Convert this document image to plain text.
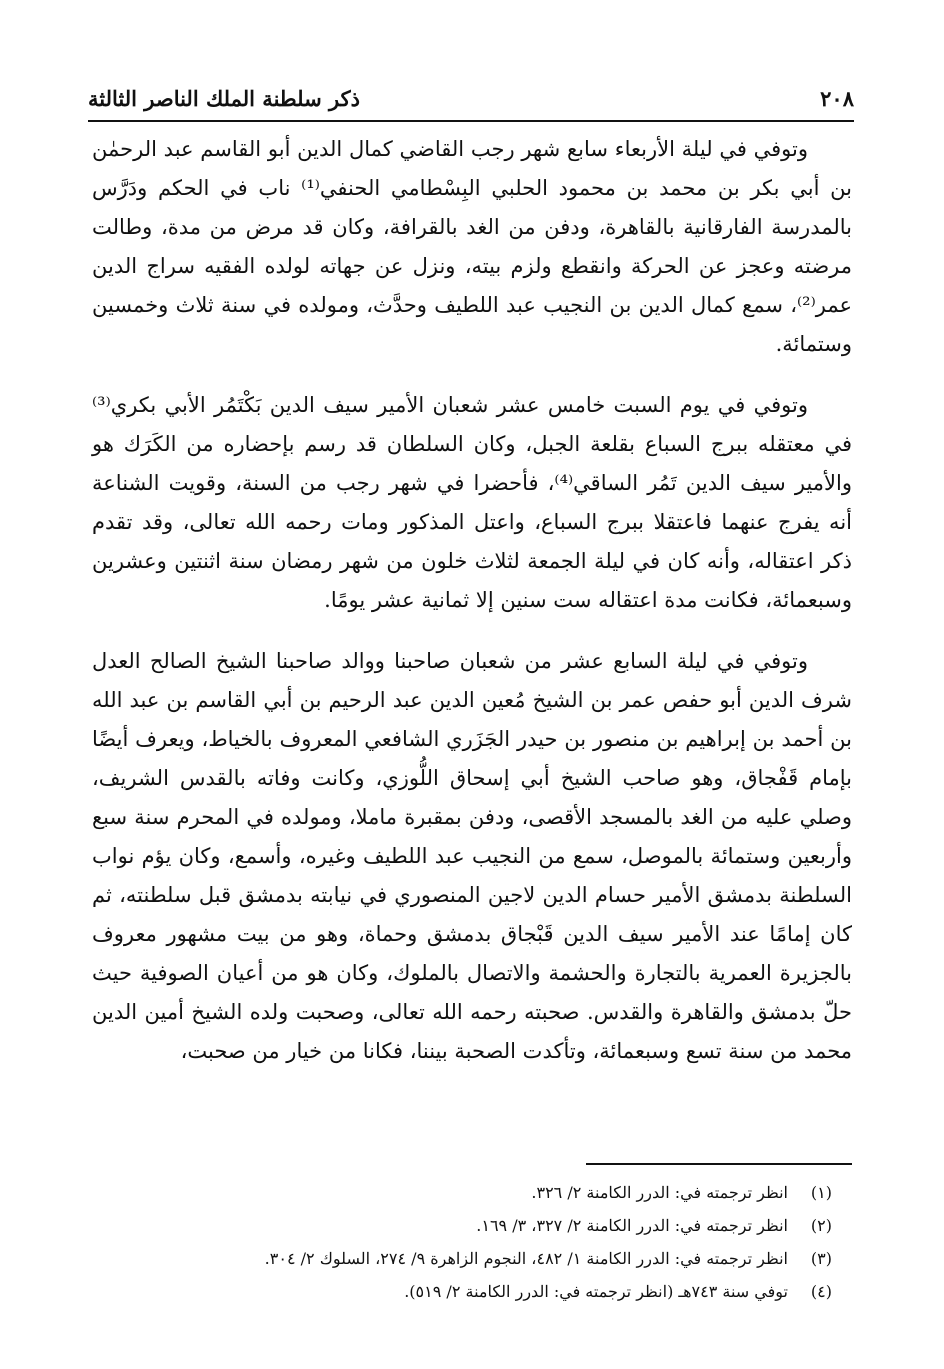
٢٠٨
ذكر سلطنة الملك الناصر الثالثة

وتوفي في ليلة الأربعاء سابع شهر رجب القاضي كمال الدين أبو القاسم عبد الرحمٰن بن أبي بكر بن محمد بن محمود الحلبي البِسْطامي الحنفي⁽¹⁾ ناب في الحكم ودَرَّس بالمدرسة الفارقانية بالقاهرة، ودفن من الغد بالقرافة، وكان قد مرض من مدة، وطالت مرضته وعجز عن الحركة وانقطع ولزم بيته، ونزل عن جهاته لولده الفقيه سراج الدين عمر⁽²⁾، سمع كمال الدين بن النجيب عبد اللطيف وحدَّث، ومولده في سنة ثلاث وخمسين وستمائة.

وتوفي في يوم السبت خامس عشر شعبان الأمير سيف الدين بَكْتَمُر الأبي بكري⁽³⁾ في معتقله ببرج السباع بقلعة الجبل، وكان السلطان قد رسم بإحضاره من الكَرَك هو والأمير سيف الدين تَمُر الساقي⁽⁴⁾، فأحضرا في شهر رجب من السنة، وقويت الشناعة أنه يفرج عنهما فاعتقلا ببرج السباع، واعتل المذكور ومات رحمه الله تعالى، وقد تقدم ذكر اعتقاله، وأنه كان في ليلة الجمعة لثلاث خلون من شهر رمضان سنة اثنتين وعشرين وسبعمائة، فكانت مدة اعتقاله ست سنين إلا ثمانية عشر يومًا.

وتوفي في ليلة السابع عشر من شعبان صاحبنا ووالد صاحبنا الشيخ الصالح العدل شرف الدين أبو حفص عمر بن الشيخ مُعين الدين عبد الرحيم بن أبي القاسم بن عبد الله بن أحمد بن إبراهيم بن منصور بن حيدر الجَزَري الشافعي المعروف بالخياط، ويعرف أيضًا بإمام قَفْجاق، وهو صاحب الشيخ أبي إسحاق اللُّوزي، وكانت وفاته بالقدس الشريف، وصلي عليه من الغد بالمسجد الأقصى، ودفن بمقبرة ماملا، ومولده في المحرم سنة سبع وأربعين وستمائة بالموصل، سمع من النجيب عبد اللطيف وغيره، وأسمع، وكان يؤم نواب السلطنة بدمشق الأمير حسام الدين لاجين المنصوري في نيابته بدمشق قبل سلطنته، ثم كان إمامًا عند الأمير سيف الدين قَبْجاق بدمشق وحماة، وهو من بيت مشهور معروف بالجزيرة العمرية بالتجارة والحشمة والاتصال بالملوك، وكان هو من أعيان الصوفية حيث حلّ بدمشق والقاهرة والقدس. صحبته رحمه الله تعالى، وصحبت ولده الشيخ أمين الدين محمد من سنة تسع وسبعمائة، وتأكدت الصحبة بيننا، فكانا من خيار من صحبت،

(١)
انظر ترجمته في: الدرر الكامنة ٢/ ٣٢٦.
(٢)
انظر ترجمته في: الدرر الكامنة ٢/ ٣٢٧، ٣/ ١٦٩.
(٣)
انظر ترجمته في: الدرر الكامنة ١/ ٤٨٢، النجوم الزاهرة ٩/ ٢٧٤، السلوك ٢/ ٣٠٤.
(٤)
توفي سنة ٧٤٣هـ (انظر ترجمته في: الدرر الكامنة ٢/ ٥١٩).
